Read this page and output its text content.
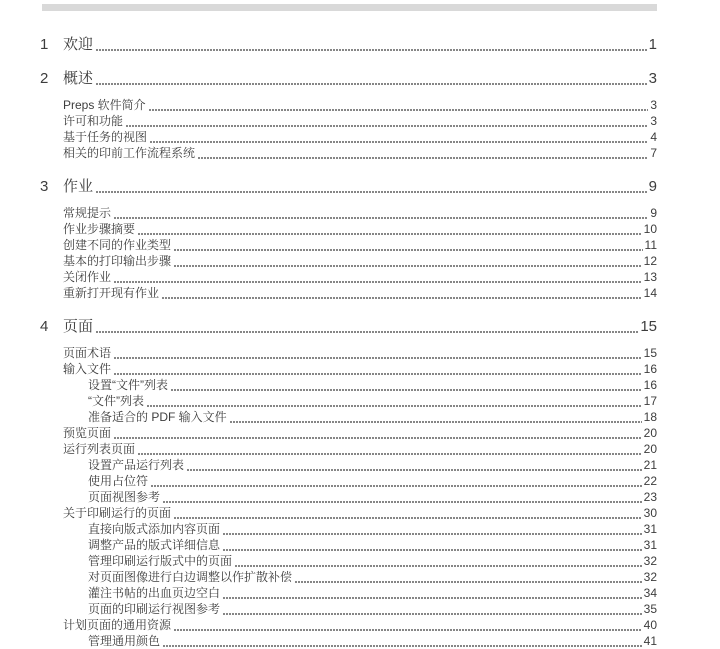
1 欢迎	1
2 概述	3
Preps 软件简介	3
许可和功能	3
基于任务的视图	4
相关的印前工作流程系统	7
3 作业	9
常规提示	9
作业步骤摘要	10
创建不同的作业类型	11
基本的打印输出步骤	12
关闭作业	13
重新打开现有作业	14
4 页面	15
页面术语	15
输入文件	16
设置“文件”列表	16
“文件”列表	17
准备适合的 PDF 输入文件	18
预览页面	20
运行列表页面	20
设置产品运行列表	21
使用占位符	22
页面视图参考	23
关于印刷运行的页面	30
直接向版式添加内容页面	31
调整产品的版式详细信息	31
管理印刷运行版式中的页面	32
对页面图像进行白边调整以作扩散补偿	32
灌注书帖的出血页边空白	34
页面的印刷运行视图参考	35
计划页面的通用资源	40
管理通用颜色	41
